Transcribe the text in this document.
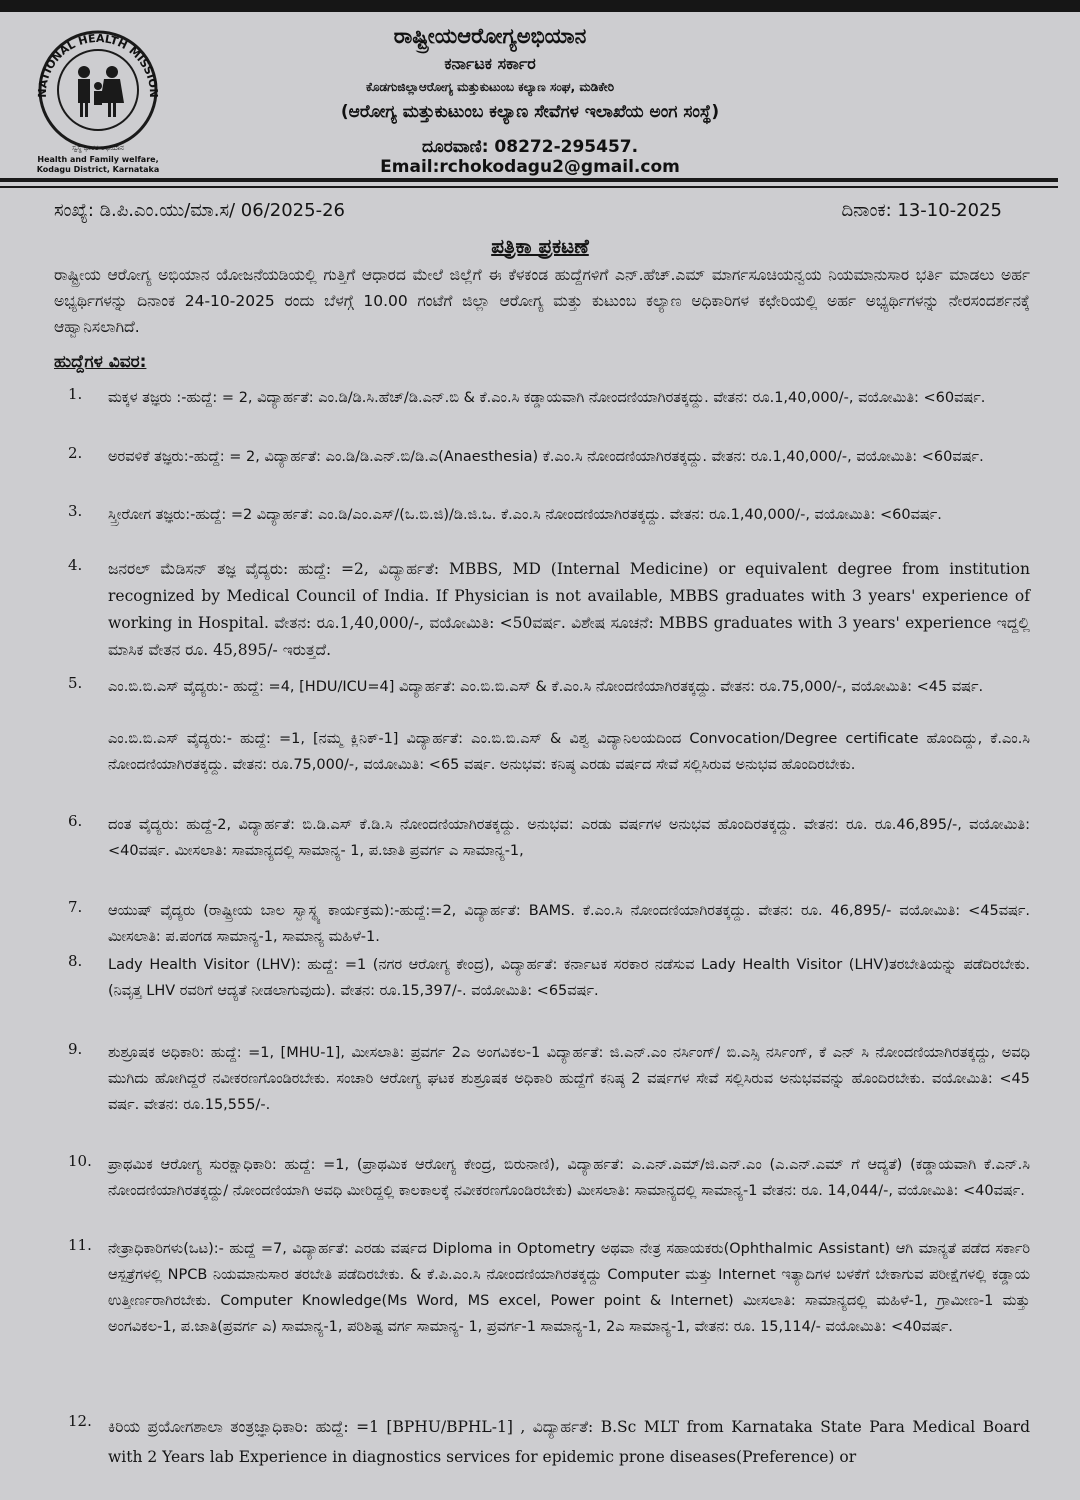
NATIONAL HEALTH MISSION
ಸ್ವಸ್ಥ ಭಾರತ ಅಭಿಯಾನ
Health and Family welfare,
Kodagu District, Karnataka
ರಾಷ್ಟ್ರೀಯಆರೋಗ್ಯಅಭಿಯಾನ
ಕರ್ನಾಟಕ ಸರ್ಕಾರ
ಕೊಡಗುಜಿಲ್ಲಾಆರೋಗ್ಯ ಮತ್ತುಕುಟುಂಬ ಕಲ್ಯಾಣ ಸಂಘ, ಮಡಿಕೇರಿ
(ಆರೋಗ್ಯ ಮತ್ತುಕುಟುಂಬ ಕಲ್ಯಾಣ ಸೇವೆಗಳ ಇಲಾಖೆಯ ಅಂಗ ಸಂಸ್ಥೆ)
ದೂರವಾಣಿ: 08272-295457. Email:rchokodagu2@gmail.com
ಸಂಖ್ಯೆ: ಡಿ.ಪಿ.ಎಂ.ಯು/ಮಾ.ಸ/ 06/2025-26	ದಿನಾಂಕ: 13-10-2025
ಪತ್ರಿಕಾ ಪ್ರಕಟಣೆ
ರಾಷ್ಟ್ರೀಯ ಆರೋಗ್ಯ ಅಭಿಯಾನ ಯೋಜನೆಯಡಿಯಲ್ಲಿ ಗುತ್ತಿಗೆ ಆಧಾರದ ಮೇಲೆ ಜಿಲ್ಲೆಗೆ ಈ ಕೆಳಕಂಡ ಹುದ್ದೆಗಳಿಗೆ ಎನ್.ಹೆಚ್.ಎಮ್ ಮಾರ್ಗಸೂಚಿಯನ್ವಯ ನಿಯಮಾನುಸಾರ ಭರ್ತಿ ಮಾಡಲು ಅರ್ಹ ಅಭ್ಯರ್ಥಿಗಳನ್ನು ದಿನಾಂಕ 24-10-2025 ರಂದು ಬೆಳಗ್ಗೆ 10.00 ಗಂಟೆಗೆ ಜಿಲ್ಲಾ ಆರೋಗ್ಯ ಮತ್ತು ಕುಟುಂಬ ಕಲ್ಯಾಣ ಅಧಿಕಾರಿಗಳ ಕಛೇರಿಯಲ್ಲಿ ಅರ್ಹ ಅಭ್ಯರ್ಥಿಗಳನ್ನು ನೇರಸಂದರ್ಶನಕ್ಕೆ ಆಹ್ವಾನಿಸಲಾಗಿದೆ.
ಹುದ್ದೆಗಳ ವಿವರ:
1.	ಮಕ್ಕಳ ತಜ್ಞರು :-ಹುದ್ದೆ: = 2, ವಿದ್ಯಾರ್ಹತೆ: ಎಂ.ಡಿ/ಡಿ.ಸಿ.ಹೆಚ್/ಡಿ.ಎನ್.ಬಿ & ಕೆ.ಎಂ.ಸಿ ಕಡ್ಡಾಯವಾಗಿ ನೋಂದಣಿಯಾಗಿರತಕ್ಕದ್ದು. ವೇತನ: ರೂ.1,40,000/-, ವಯೋಮಿತಿ: <60ವರ್ಷ.
2.	ಅರವಳಿಕೆ ತಜ್ಞರು:-ಹುದ್ದೆ: = 2, ವಿದ್ಯಾರ್ಹತೆ: ಎಂ.ಡಿ/ಡಿ.ಎನ್.ಬಿ/ಡಿ.ಎ(Anaesthesia) ಕೆ.ಎಂ.ಸಿ ನೋಂದಣಿಯಾಗಿರತಕ್ಕದ್ದು. ವೇತನ: ರೂ.1,40,000/-, ವಯೋಮಿತಿ: <60ವರ್ಷ.
3.	ಸ್ತ್ರೀರೋಗ ತಜ್ಞರು:-ಹುದ್ದೆ: =2 ವಿದ್ಯಾರ್ಹತೆ: ಎಂ.ಡಿ/ಎಂ.ಎಸ್/(ಒ.ಬಿ.ಜಿ)/ಡಿ.ಜಿ.ಒ. ಕೆ.ಎಂ.ಸಿ ನೋಂದಣಿಯಾಗಿರತಕ್ಕದ್ದು. ವೇತನ: ರೂ.1,40,000/-, ವಯೋಮಿತಿ: <60ವರ್ಷ.
4.	ಜನರಲ್ ಮೆಡಿಸನ್ ತಜ್ಞ ವೈದ್ಯರು: ಹುದ್ದೆ: =2, ವಿದ್ಯಾರ್ಹತೆ: MBBS, MD (Internal Medicine) or equivalent degree from institution recognized by Medical Council of India. If Physician is not available, MBBS graduates with 3 years' experience of working in Hospital. ವೇತನ: ರೂ.1,40,000/-, ವಯೋಮಿತಿ: <50ವರ್ಷ. ವಿಶೇಷ ಸೂಚನೆ: MBBS graduates with 3 years' experience ಇದ್ದಲ್ಲಿ ಮಾಸಿಕ ವೇತನ ರೂ. 45,895/- ಇರುತ್ತದೆ.
5.	ಎಂ.ಬಿ.ಬಿ.ಎಸ್ ವೈದ್ಯರು:- ಹುದ್ದೆ: =4, [HDU/ICU=4] ವಿದ್ಯಾರ್ಹತೆ: ಎಂ.ಬಿ.ಬಿ.ಎಸ್ & ಕೆ.ಎಂ.ಸಿ ನೋಂದಣಿಯಾಗಿರತಕ್ಕದ್ದು. ವೇತನ: ರೂ.75,000/-, ವಯೋಮಿತಿ: <45 ವರ್ಷ.
ಎಂ.ಬಿ.ಬಿ.ಎಸ್ ವೈದ್ಯರು:- ಹುದ್ದೆ: =1, [ನಮ್ಮ ಕ್ಲಿನಿಕ್-1] ವಿದ್ಯಾರ್ಹತೆ: ಎಂ.ಬಿ.ಬಿ.ಎಸ್ & ವಿಶ್ವ ವಿದ್ಯಾನಿಲಯದಿಂದ Convocation/Degree certificate ಹೊಂದಿದ್ದು, ಕೆ.ಎಂ.ಸಿ ನೋಂದಣಿಯಾಗಿರತಕ್ಕದ್ದು. ವೇತನ: ರೂ.75,000/-, ವಯೋಮಿತಿ: <65 ವರ್ಷ. ಅನುಭವ: ಕನಿಷ್ಠ ಎರಡು ವರ್ಷದ ಸೇವೆ ಸಲ್ಲಿಸಿರುವ ಅನುಭವ ಹೊಂದಿರಬೇಕು.
6.	ದಂತ ವೈದ್ಯರು: ಹುದ್ದೆ-2, ವಿದ್ಯಾರ್ಹತೆ: ಬಿ.ಡಿ.ಎಸ್ ಕೆ.ಡಿ.ಸಿ ನೋಂದಣಿಯಾಗಿರತಕ್ಕದ್ದು. ಅನುಭವ: ಎರಡು ವರ್ಷಗಳ ಅನುಭವ ಹೊಂದಿರತಕ್ಕದ್ದು. ವೇತನ: ರೂ. ರೂ.46,895/-, ವಯೋಮಿತಿ: <40ವರ್ಷ. ಮೀಸಲಾತಿ: ಸಾಮಾನ್ಯದಲ್ಲಿ ಸಾಮಾನ್ಯ- 1, ಪ.ಜಾತಿ ಪ್ರವರ್ಗ ಎ ಸಾಮಾನ್ಯ-1,
7.	ಆಯುಷ್ ವೈದ್ಯರು (ರಾಷ್ಟ್ರೀಯ ಬಾಲ ಸ್ವಾಸ್ಥ್ಯ ಕಾರ್ಯಕ್ರಮ):-ಹುದ್ದೆ:=2, ವಿದ್ಯಾರ್ಹತೆ: BAMS. ಕೆ.ಎಂ.ಸಿ ನೋಂದಣಿಯಾಗಿರತಕ್ಕದ್ದು. ವೇತನ: ರೂ. 46,895/- ವಯೋಮಿತಿ: <45ವರ್ಷ. ಮೀಸಲಾತಿ: ಪ.ಪಂಗಡ ಸಾಮಾನ್ಯ-1, ಸಾಮಾನ್ಯ ಮಹಿಳೆ-1.
8.	Lady Health Visitor (LHV): ಹುದ್ದೆ: =1 (ನಗರ ಆರೋಗ್ಯ ಕೇಂದ್ರ), ವಿದ್ಯಾರ್ಹತೆ: ಕರ್ನಾಟಕ ಸರಕಾರ ನಡೆಸುವ Lady Health Visitor (LHV)ತರಬೇತಿಯನ್ನು ಪಡೆದಿರಬೇಕು. (ನಿವೃತ್ತ LHV ರವರಿಗೆ ಆದ್ಯತೆ ನೀಡಲಾಗುವುದು). ವೇತನ: ರೂ.15,397/-. ವಯೋಮಿತಿ: <65ವರ್ಷ.
9.	ಶುಶ್ರೂಷಕ ಅಧಿಕಾರಿ: ಹುದ್ದೆ: =1, [MHU-1], ಮೀಸಲಾತಿ: ಪ್ರವರ್ಗ 2ಎ ಅಂಗವಿಕಲ-1 ವಿದ್ಯಾರ್ಹತೆ: ಜಿ.ಎನ್.ಎಂ ನರ್ಸಿಂಗ್/ ಬಿ.ಎಸ್ಸಿ ನರ್ಸಿಂಗ್, ಕೆ ಎನ್ ಸಿ ನೋಂದಣಿಯಾಗಿರತಕ್ಕದ್ದು, ಅವಧಿ ಮುಗಿದು ಹೋಗಿದ್ದರೆ ನವೀಕರಣಗೊಂಡಿರಬೇಕು. ಸಂಚಾರಿ ಆರೋಗ್ಯ ಘಟಕ ಶುಶ್ರೂಷಕ ಅಧಿಕಾರಿ ಹುದ್ದೆಗೆ ಕನಿಷ್ಠ 2 ವರ್ಷಗಳ ಸೇವೆ ಸಲ್ಲಿಸಿರುವ ಅನುಭವವನ್ನು ಹೊಂದಿರಬೇಕು. ವಯೋಮಿತಿ: <45 ವರ್ಷ. ವೇತನ: ರೂ.15,555/-.
10.	ಪ್ರಾಥಮಿಕ ಆರೋಗ್ಯ ಸುರಕ್ಷಾಧಿಕಾರಿ: ಹುದ್ದೆ: =1, (ಪ್ರಾಥಮಿಕ ಆರೋಗ್ಯ ಕೇಂದ್ರ, ಬಿರುನಾಣಿ), ವಿದ್ಯಾರ್ಹತೆ: ಎ.ಎನ್.ಎಮ್/ಜಿ.ಎನ್.ಎಂ (ಎ.ಎನ್.ಎಮ್ ಗೆ ಆದ್ಯತೆ) (ಕಡ್ಡಾಯವಾಗಿ ಕೆ.ಎನ್.ಸಿ ನೋಂದಣಿಯಾಗಿರತಕ್ಕದ್ದು/ ನೋಂದಣಿಯಾಗಿ ಅವಧಿ ಮೀರಿದ್ದಲ್ಲಿ ಕಾಲಕಾಲಕ್ಕೆ ನವೀಕರಣಗೊಂಡಿರಬೇಕು) ಮೀಸಲಾತಿ: ಸಾಮಾನ್ಯದಲ್ಲಿ ಸಾಮಾನ್ಯ-1 ವೇತನ: ರೂ. 14,044/-, ವಯೋಮಿತಿ: <40ವರ್ಷ.
11.	ನೇತ್ರಾಧಿಕಾರಿಗಳು(ಒಟ):- ಹುದ್ದೆ =7, ವಿದ್ಯಾರ್ಹತೆ: ಎರಡು ವರ್ಷದ Diploma in Optometry ಅಥವಾ ನೇತ್ರ ಸಹಾಯಕರು(Ophthalmic Assistant) ಆಗಿ ಮಾನ್ಯತೆ ಪಡೆದ ಸರ್ಕಾರಿ ಆಸ್ಪತ್ರೆಗಳಲ್ಲಿ NPCB ನಿಯಮಾನುಸಾರ ತರಬೇತಿ ಪಡೆದಿರಬೇಕು. & ಕೆ.ಪಿ.ಎಂ.ಸಿ ನೋಂದಣಿಯಾಗಿರತಕ್ಕದ್ದು Computer ಮತ್ತು Internet ಇತ್ಯಾದಿಗಳ ಬಳಕೆಗೆ ಬೇಕಾಗುವ ಪರೀಕ್ಷೆಗಳಲ್ಲಿ ಕಡ್ಡಾಯ ಉತ್ತೀರ್ಣರಾಗಿರಬೇಕು. Computer Knowledge(Ms Word, MS excel, Power point & Internet) ಮೀಸಲಾತಿ: ಸಾಮಾನ್ಯದಲ್ಲಿ ಮಹಿಳೆ-1, ಗ್ರಾಮೀಣ-1 ಮತ್ತು ಅಂಗವಿಕಲ-1, ಪ.ಜಾತಿ(ಪ್ರವರ್ಗ ಎ) ಸಾಮಾನ್ಯ-1, ಪರಿಶಿಷ್ಟ ವರ್ಗ ಸಾಮಾನ್ಯ- 1, ಪ್ರವರ್ಗ-1 ಸಾಮಾನ್ಯ-1, 2ಎ ಸಾಮಾನ್ಯ-1, ವೇತನ: ರೂ. 15,114/- ವಯೋಮಿತಿ: <40ವರ್ಷ.
12.	ಕಿರಿಯ ಪ್ರಯೋಗಶಾಲಾ ತಂತ್ರಜ್ಞಾಧಿಕಾರಿ: ಹುದ್ದೆ: =1 [BPHU/BPHL-1] , ವಿದ್ಯಾರ್ಹತೆ: B.Sc MLT from Karnataka State Para Medical Board with 2 Years lab Experience in diagnostics services for epidemic prone diseases(Preference) or
